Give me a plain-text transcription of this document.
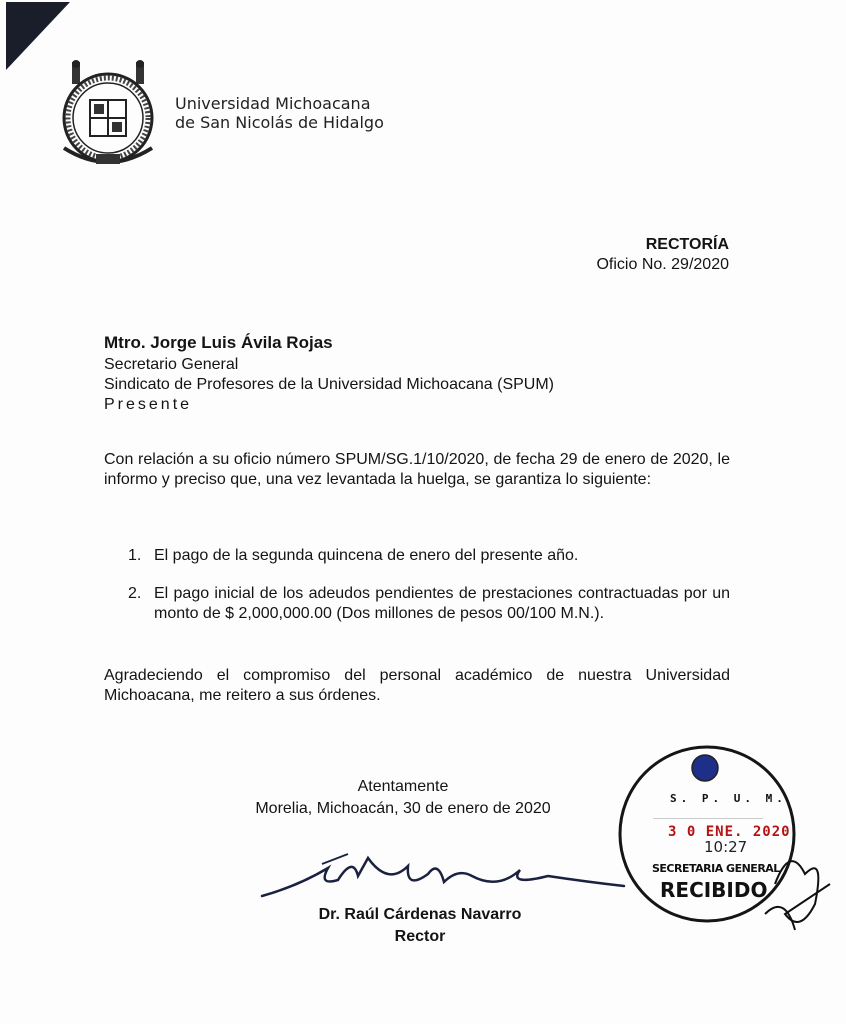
Universidad Michoacana
de San Nicolás de Hidalgo
RECTORÍA
Oficio No. 29/2020
Mtro. Jorge Luis Ávila Rojas
Secretario General
Sindicato de Profesores de la Universidad Michoacana (SPUM)
Presente
Con relación a su oficio número SPUM/SG.1/10/2020, de fecha 29 de enero de 2020, le informo y preciso que, una vez levantada la huelga, se garantiza lo siguiente:
1. El pago de la segunda quincena de enero del presente año.
2. El pago inicial de los adeudos pendientes de prestaciones contractuadas por un monto de $ 2,000,000.00 (Dos millones de pesos 00/100 M.N.).
Agradeciendo el compromiso del personal académico de nuestra Universidad Michoacana, me reitero a sus órdenes.
Atentamente
Morelia, Michoacán, 30 de enero de 2020
Dr. Raúl Cárdenas Navarro
Rector
S. P. U. M.
3 0 ENE. 2020
10:27
SECRETARIA GENERAL
RECIBIDO
